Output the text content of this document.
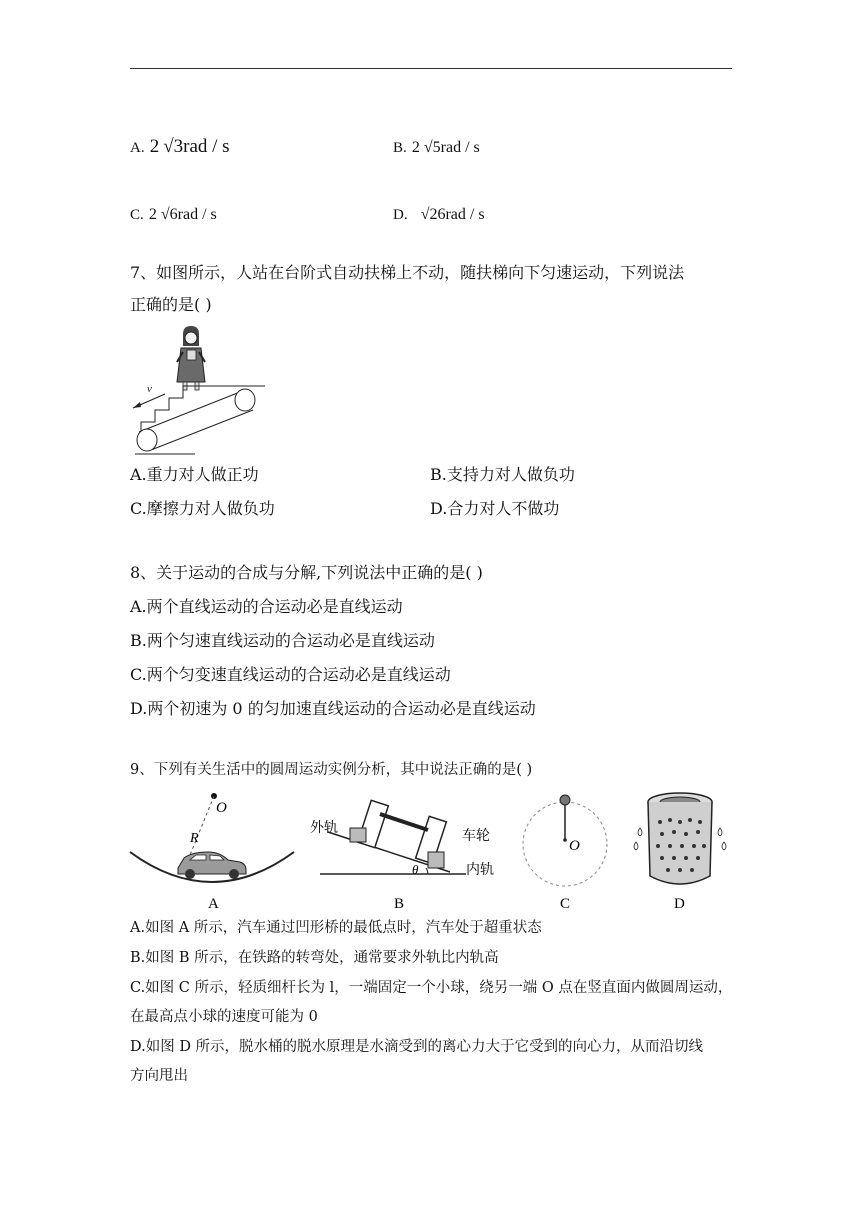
A. 2 √3rad / s	B. 2 √5rad / s
C. 2 √6rad / s	D. √26rad / s
7、如图所示，人站在台阶式自动扶梯上不动，随扶梯向下匀速运动，下列说法
正确的是( )
v
A.重力对人做正功	B.支持力对人做负功
C.摩擦力对人做负功	D.合力对人不做功
8、关于运动的合成与分解,下列说法中正确的是( )
A.两个直线运动的合运动必是直线运动
B.两个匀速直线运动的合运动必是直线运动
C.两个匀变速直线运动的合运动必是直线运动
D.两个初速为 0 的匀加速直线运动的合运动必是直线运动
9、下列有关生活中的圆周运动实例分析，其中说法正确的是( )
O
R
θ
外轨
车轮
内轨
O
A	B	C	D
A.如图 A 所示，汽车通过凹形桥的最低点时，汽车处于超重状态
B.如图 B 所示，在铁路的转弯处，通常要求外轨比内轨高
C.如图 C 所示，轻质细杆长为 l，一端固定一个小球，绕另一端 O 点在竖直面内做圆周运动，
在最高点小球的速度可能为 0
D.如图 D 所示，脱水桶的脱水原理是水滴受到的离心力大于它受到的向心力，从而沿切线
方向甩出
